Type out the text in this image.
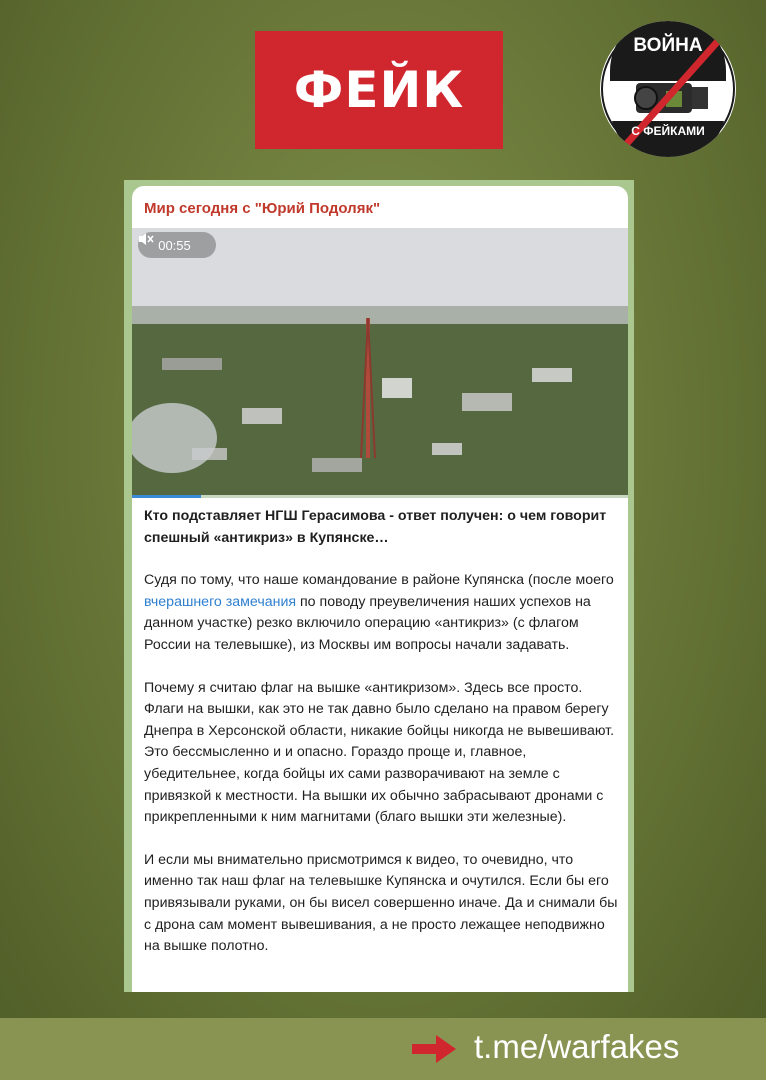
ФЕЙК
ВОЙНА
С ФЕЙКАМИ
Мир сегодня с "Юрий Подоляк"
00:55

Кто подставляет НГШ Герасимова - ответ получен: о чем говорит спешный «антикриз» в Купянске…

Судя по тому, что наше командование в районе Купянска (после моего вчерашнего замечания по поводу преувеличения наших успехов на данном участке) резко включило операцию «антикриз» (с флагом России на телевышке), из Москвы им вопросы начали задавать.

Почему я считаю флаг на вышке «антикризом». Здесь все просто. Флаги на вышки, как это не так давно было сделано на правом берегу Днепра в Херсонской области, никакие бойцы никогда не вывешивают. Это бессмысленно и и опасно. Гораздо проще и, главное, убедительнее, когда бойцы их сами разворачивают на земле с привязкой к местности. На вышки их обычно забрасывают дронами с прикрепленными к ним магнитами (благо вышки эти железные).

И если мы внимательно присмотримся к видео, то очевидно, что именно так наш флаг на телевышке Купянска и очутился. Если бы его привязывали руками, он бы висел совершенно иначе. Да и снимали бы с дрона сам момент вывешивания, а не просто лежащее неподвижно на вышке полотно.

t.me/warfakes
